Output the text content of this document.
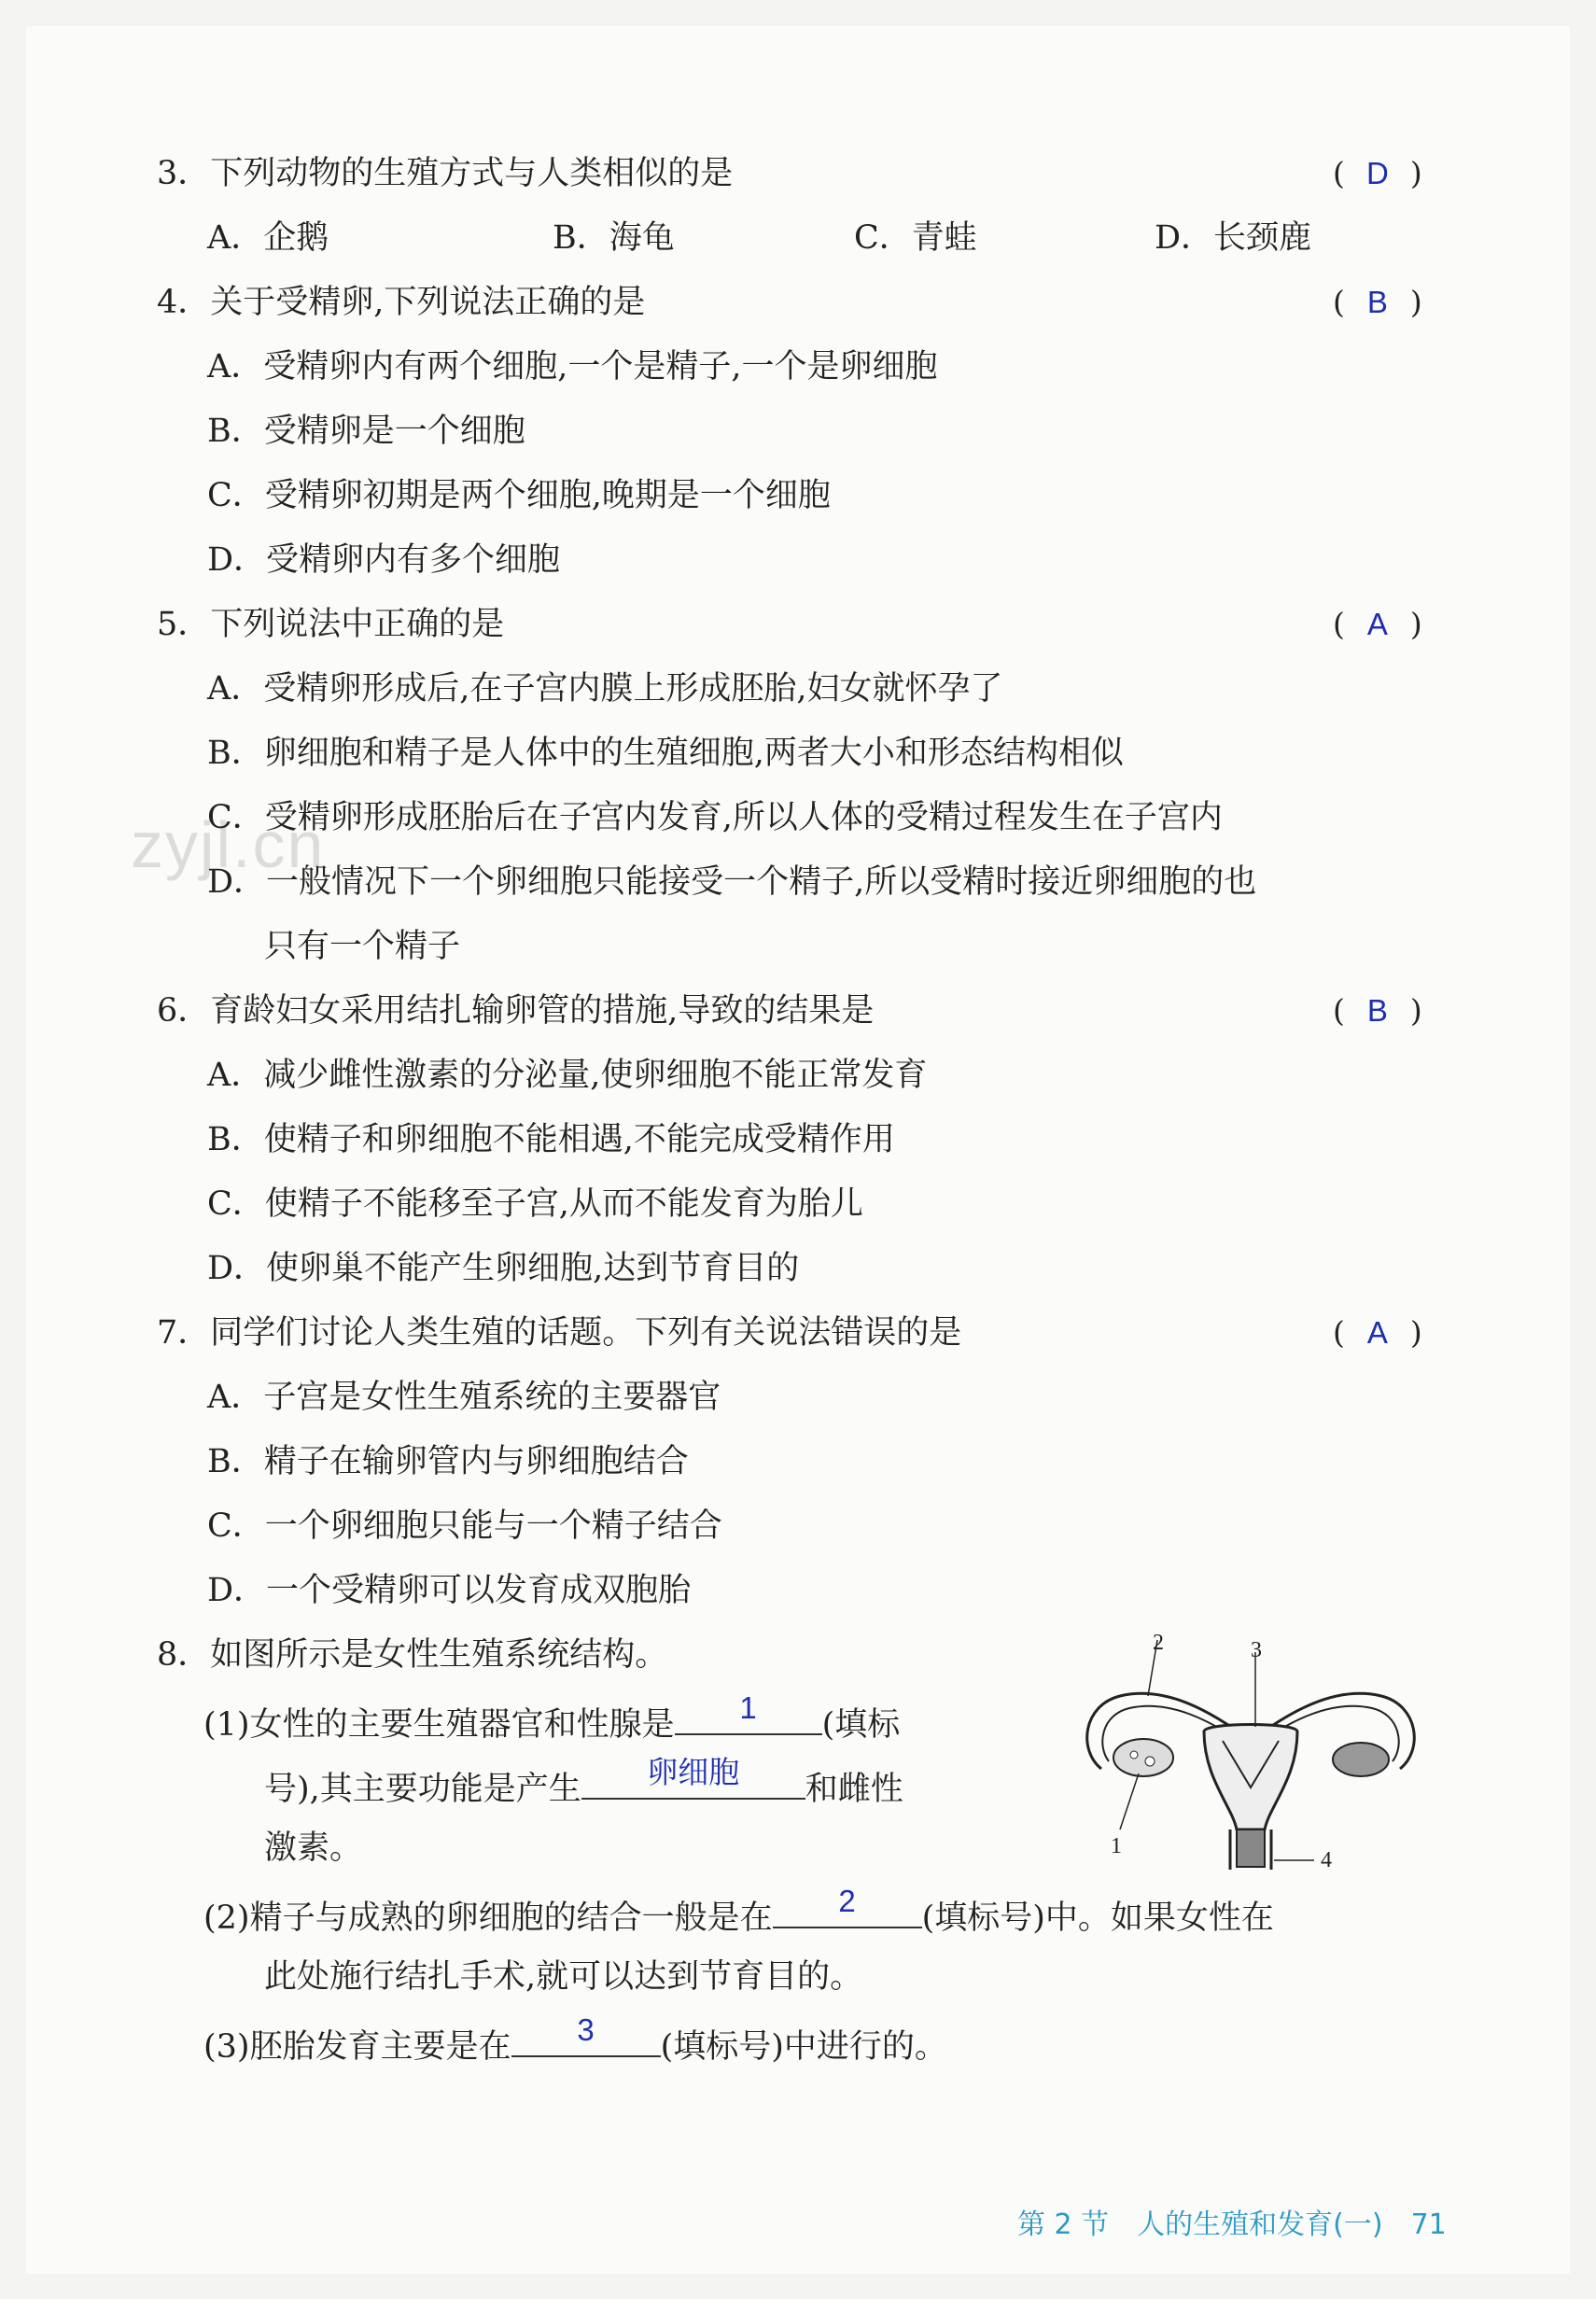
zyjl.cn
3．下列动物的生殖方式与人类相似的是	( D )
A．企鹅	B．海龟	C．青蛙	D．长颈鹿
4．关于受精卵,下列说法正确的是	( B )
A．受精卵内有两个细胞,一个是精子,一个是卵细胞
B．受精卵是一个细胞
C．受精卵初期是两个细胞,晚期是一个细胞
D．受精卵内有多个细胞
5．下列说法中正确的是	( A )
A．受精卵形成后,在子宫内膜上形成胚胎,妇女就怀孕了
B．卵细胞和精子是人体中的生殖细胞,两者大小和形态结构相似
C．受精卵形成胚胎后在子宫内发育,所以人体的受精过程发生在子宫内
D．一般情况下一个卵细胞只能接受一个精子,所以受精时接近卵细胞的也
只有一个精子
6．育龄妇女采用结扎输卵管的措施,导致的结果是	( B )
A．减少雌性激素的分泌量,使卵细胞不能正常发育
B．使精子和卵细胞不能相遇,不能完成受精作用
C．使精子不能移至子宫,从而不能发育为胎儿
D．使卵巢不能产生卵细胞,达到节育目的
7．同学们讨论人类生殖的话题。下列有关说法错误的是	( A )
A．子宫是女性生殖系统的主要器官
B．精子在输卵管内与卵细胞结合
C．一个卵细胞只能与一个精子结合
D．一个受精卵可以发育成双胞胎
8．如图所示是女性生殖系统结构。
(1)女性的主要生殖器官和性腺是	1	(填标
号),其主要功能是产生	卵细胞	和雌性
激素。
(2)精子与成熟的卵细胞的结合一般是在	2	(填标号)中。如果女性在
此处施行结扎手术,就可以达到节育目的。
(3)胚胎发育主要是在	3	(填标号)中进行的。
2	3
1
4
第 2 节　人的生殖和发育(一) 71
